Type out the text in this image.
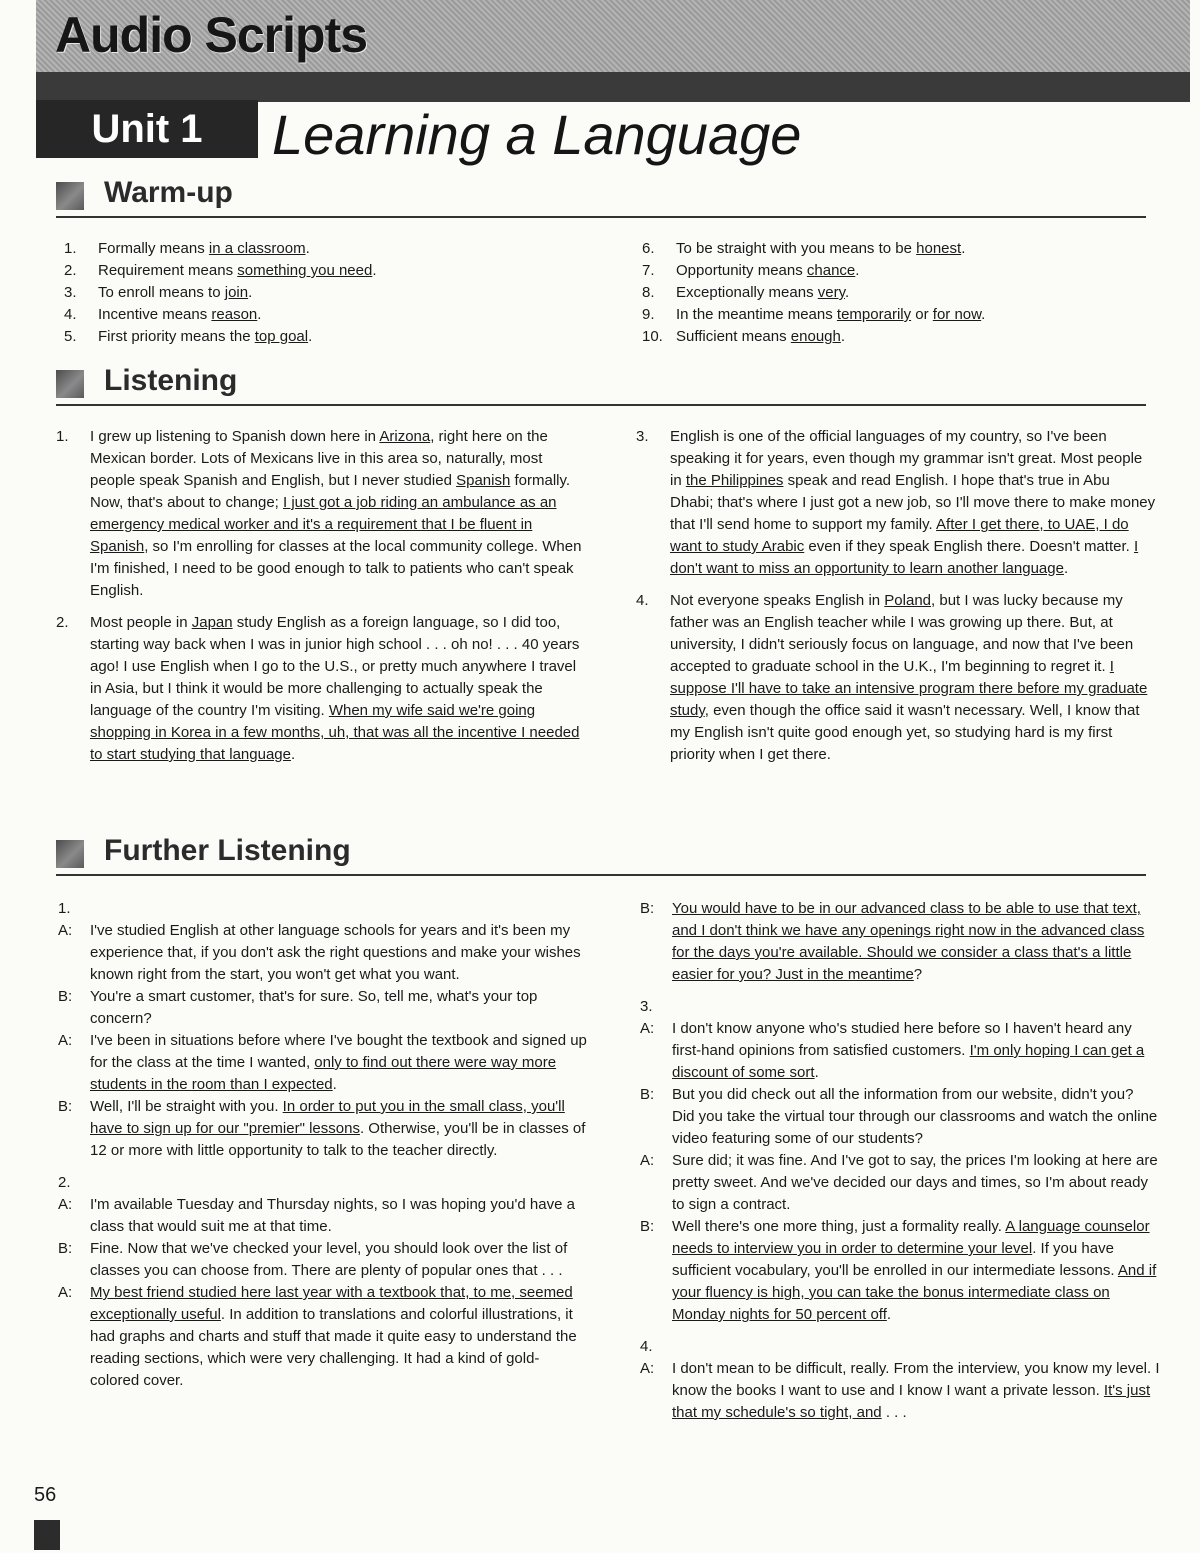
Audio Scripts
Unit 1	Learning a Language
Warm-up

1. Formally means in a classroom.

2. Requirement means something you need.

3. To enroll means to join.

4. Incentive means reason.

5. First priority means the top goal.

6. To be straight with you means to be honest.

7. Opportunity means chance.

8. Exceptionally means very.

9. In the meantime means temporarily or for now.

10. Sufficient means enough.

Listening

1. I grew up listening to Spanish down here in Arizona, right here on the Mexican border. Lots of Mexicans live in this area so, naturally, most people speak Spanish and English, but I never studied Spanish formally. Now, that's about to change; I just got a job riding an ambulance as an emergency medical worker and it's a requirement that I be fluent in Spanish, so I'm enrolling for classes at the local community college. When I'm finished, I need to be good enough to talk to patients who can't speak English.

2. Most people in Japan study English as a foreign language, so I did too, starting way back when I was in junior high school . . . oh no! . . . 40 years ago! I use English when I go to the U.S., or pretty much anywhere I travel in Asia, but I think it would be more challenging to actually speak the language of the country I'm visiting. When my wife said we're going shopping in Korea in a few months, uh, that was all the incentive I needed to start studying that language.

3. English is one of the official languages of my country, so I've been speaking it for years, even though my grammar isn't great. Most people in the Philippines speak and read English. I hope that's true in Abu Dhabi; that's where I just got a new job, so I'll move there to make money that I'll send home to support my family. After I get there, to UAE, I do want to study Arabic even if they speak English there. Doesn't matter. I don't want to miss an opportunity to learn another language.

4. Not everyone speaks English in Poland, but I was lucky because my father was an English teacher while I was growing up there. But, at university, I didn't seriously focus on language, and now that I've been accepted to graduate school in the U.K., I'm beginning to regret it. I suppose I'll have to take an intensive program there before my graduate study, even though the office said it wasn't necessary. Well, I know that my English isn't quite good enough yet, so studying hard is my first priority when I get there.

Further Listening

1.

A: I've studied English at other language schools for years and it's been my experience that, if you don't ask the right questions and make your wishes known right from the start, you won't get what you want.

B: You're a smart customer, that's for sure. So, tell me, what's your top concern?

A: I've been in situations before where I've bought the textbook and signed up for the class at the time I wanted, only to find out there were way more students in the room than I expected.

B: Well, I'll be straight with you. In order to put you in the small class, you'll have to sign up for our "premier" lessons. Otherwise, you'll be in classes of 12 or more with little opportunity to talk to the teacher directly.

2.

A: I'm available Tuesday and Thursday nights, so I was hoping you'd have a class that would suit me at that time.

B: Fine. Now that we've checked your level, you should look over the list of classes you can choose from. There are plenty of popular ones that . . .

A: My best friend studied here last year with a textbook that, to me, seemed exceptionally useful. In addition to translations and colorful illustrations, it had graphs and charts and stuff that made it quite easy to understand the reading sections, which were very challenging. It had a kind of gold-colored cover.

B: You would have to be in our advanced class to be able to use that text, and I don't think we have any openings right now in the advanced class for the days you're available. Should we consider a class that's a little easier for you? Just in the meantime?

3.

A: I don't know anyone who's studied here before so I haven't heard any first-hand opinions from satisfied customers. I'm only hoping I can get a discount of some sort.

B: But you did check out all the information from our website, didn't you? Did you take the virtual tour through our classrooms and watch the online video featuring some of our students?

A: Sure did; it was fine. And I've got to say, the prices I'm looking at here are pretty sweet. And we've decided our days and times, so I'm about ready to sign a contract.

B: Well there's one more thing, just a formality really. A language counselor needs to interview you in order to determine your level. If you have sufficient vocabulary, you'll be enrolled in our intermediate lessons. And if your fluency is high, you can take the bonus intermediate class on Monday nights for 50 percent off.

4.

A: I don't mean to be difficult, really. From the interview, you know my level. I know the books I want to use and I know I want a private lesson. It's just that my schedule's so tight, and . . .

56
